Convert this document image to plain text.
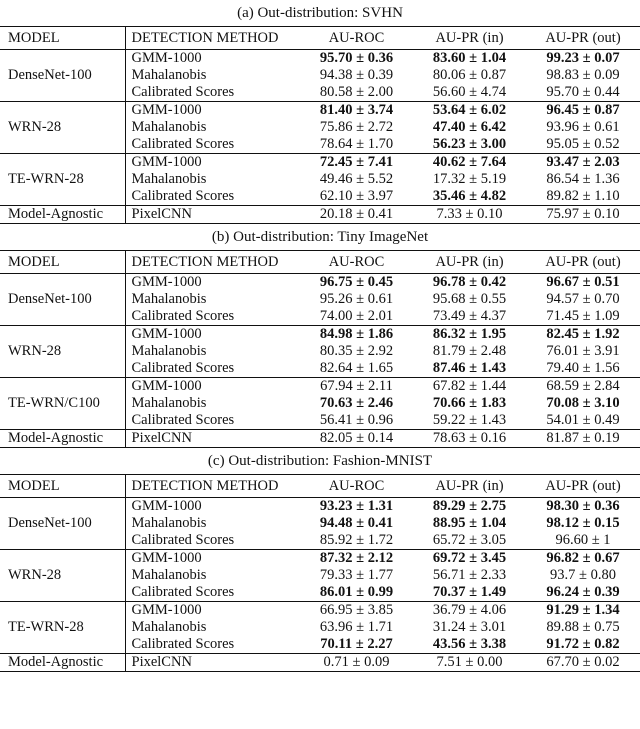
(a) Out-distribution: SVHN
MODEL	DETECTION METHOD	AU-ROC	AU-PR (in)	AU-PR (out)
DenseNet-100	GMM-1000	95.70 ± 0.36	83.60 ± 1.04	99.23 ± 0.07
	Mahalanobis	94.38 ± 0.39	80.06 ± 0.87	98.83 ± 0.09
	Calibrated Scores	80.58 ± 2.00	56.60 ± 4.74	95.70 ± 0.44
WRN-28	GMM-1000	81.40 ± 3.74	53.64 ± 6.02	96.45 ± 0.87
	Mahalanobis	75.86 ± 2.72	47.40 ± 6.42	93.96 ± 0.61
	Calibrated Scores	78.64 ± 1.70	56.23 ± 3.00	95.05 ± 0.52
TE-WRN-28	GMM-1000	72.45 ± 7.41	40.62 ± 7.64	93.47 ± 2.03
	Mahalanobis	49.46 ± 5.52	17.32 ± 5.19	86.54 ± 1.36
	Calibrated Scores	62.10 ± 3.97	35.46 ± 4.82	89.82 ± 1.10
Model-Agnostic	PixelCNN	20.18 ± 0.41	7.33 ± 0.10	75.97 ± 0.10
(b) Out-distribution: Tiny ImageNet
MODEL	DETECTION METHOD	AU-ROC	AU-PR (in)	AU-PR (out)
DenseNet-100	GMM-1000	96.75 ± 0.45	96.78 ± 0.42	96.67 ± 0.51
	Mahalanobis	95.26 ± 0.61	95.68 ± 0.55	94.57 ± 0.70
	Calibrated Scores	74.00 ± 2.01	73.49 ± 4.37	71.45 ± 1.09
WRN-28	GMM-1000	84.98 ± 1.86	86.32 ± 1.95	82.45 ± 1.92
	Mahalanobis	80.35 ± 2.92	81.79 ± 2.48	76.01 ± 3.91
	Calibrated Scores	82.64 ± 1.65	87.46 ± 1.43	79.40 ± 1.56
TE-WRN/C100	GMM-1000	67.94 ± 2.11	67.82 ± 1.44	68.59 ± 2.84
	Mahalanobis	70.63 ± 2.46	70.66 ± 1.83	70.08 ± 3.10
	Calibrated Scores	56.41 ± 0.96	59.22 ± 1.43	54.01 ± 0.49
Model-Agnostic	PixelCNN	82.05 ± 0.14	78.63 ± 0.16	81.87 ± 0.19
(c) Out-distribution: Fashion-MNIST
MODEL	DETECTION METHOD	AU-ROC	AU-PR (in)	AU-PR (out)
DenseNet-100	GMM-1000	93.23 ± 1.31	89.29 ± 2.75	98.30 ± 0.36
	Mahalanobis	94.48 ± 0.41	88.95 ± 1.04	98.12 ± 0.15
	Calibrated Scores	85.92 ± 1.72	65.72 ± 3.05	96.60 ± 1
WRN-28	GMM-1000	87.32 ± 2.12	69.72 ± 3.45	96.82 ± 0.67
	Mahalanobis	79.33 ± 1.77	56.71 ± 2.33	93.7 ± 0.80
	Calibrated Scores	86.01 ± 0.99	70.37 ± 1.49	96.24 ± 0.39
TE-WRN-28	GMM-1000	66.95 ± 3.85	36.79 ± 4.06	91.29 ± 1.34
	Mahalanobis	63.96 ± 1.71	31.24 ± 3.01	89.88 ± 0.75
	Calibrated Scores	70.11 ± 2.27	43.56 ± 3.38	91.72 ± 0.82
Model-Agnostic	PixelCNN	0.71 ± 0.09	7.51 ± 0.00	67.70 ± 0.02
